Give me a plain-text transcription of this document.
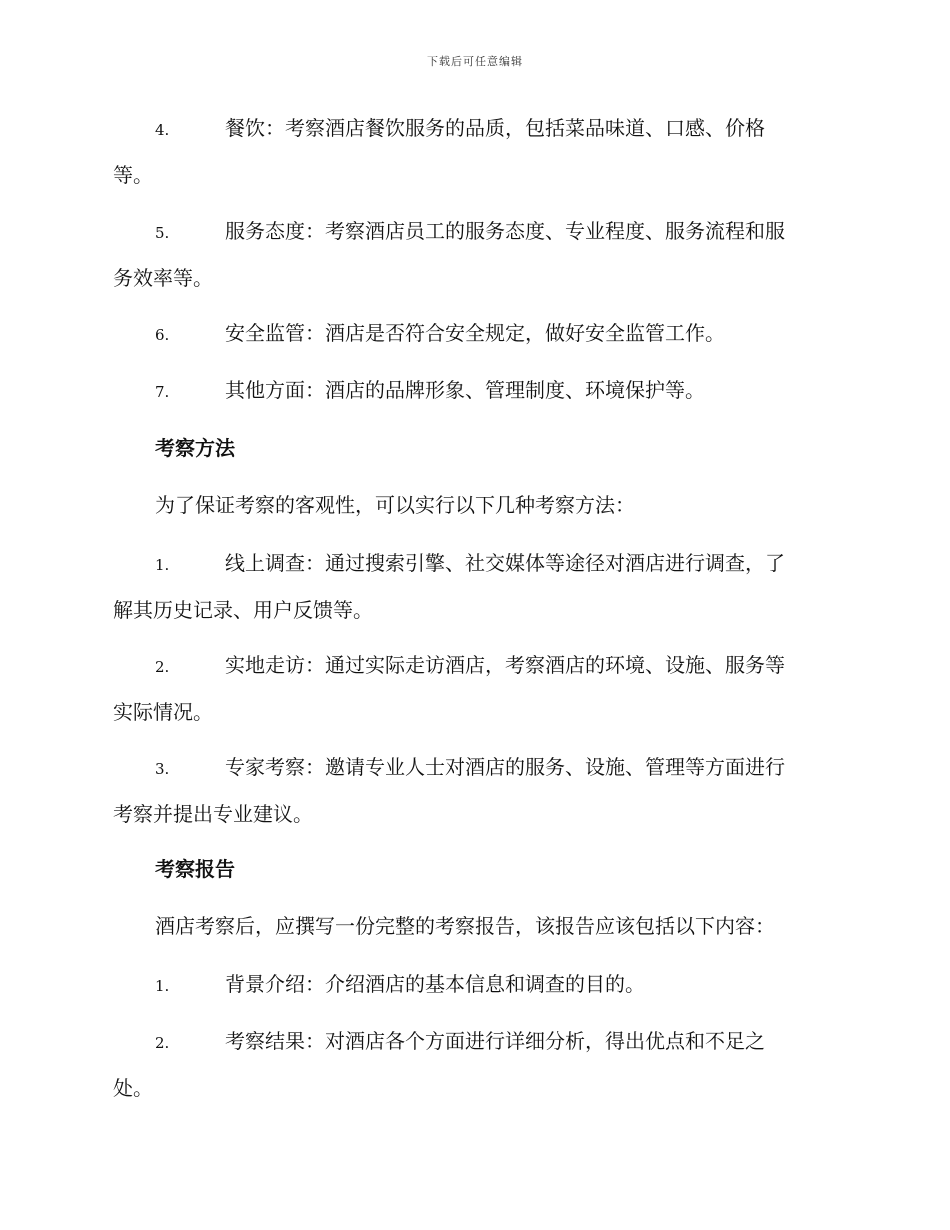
下载后可任意编辑
4.	餐饮：考察酒店餐饮服务的品质，包括菜品味道、口感、价格
等。
5.	服务态度：考察酒店员工的服务态度、专业程度、服务流程和服
务效率等。
6.	安全监管：酒店是否符合安全规定，做好安全监管工作。
7.	其他方面：酒店的品牌形象、管理制度、环境保护等。
考察方法
为了保证考察的客观性，可以实行以下几种考察方法：
1.	线上调查：通过搜索引擎、社交媒体等途径对酒店进行调查，了
解其历史记录、用户反馈等。
2.	实地走访：通过实际走访酒店，考察酒店的环境、设施、服务等
实际情况。
3.	专家考察：邀请专业人士对酒店的服务、设施、管理等方面进行
考察并提出专业建议。
考察报告
酒店考察后，应撰写一份完整的考察报告，该报告应该包括以下内容：
1.	背景介绍：介绍酒店的基本信息和调查的目的。
2.	考察结果：对酒店各个方面进行详细分析，得出优点和不足之
处。
